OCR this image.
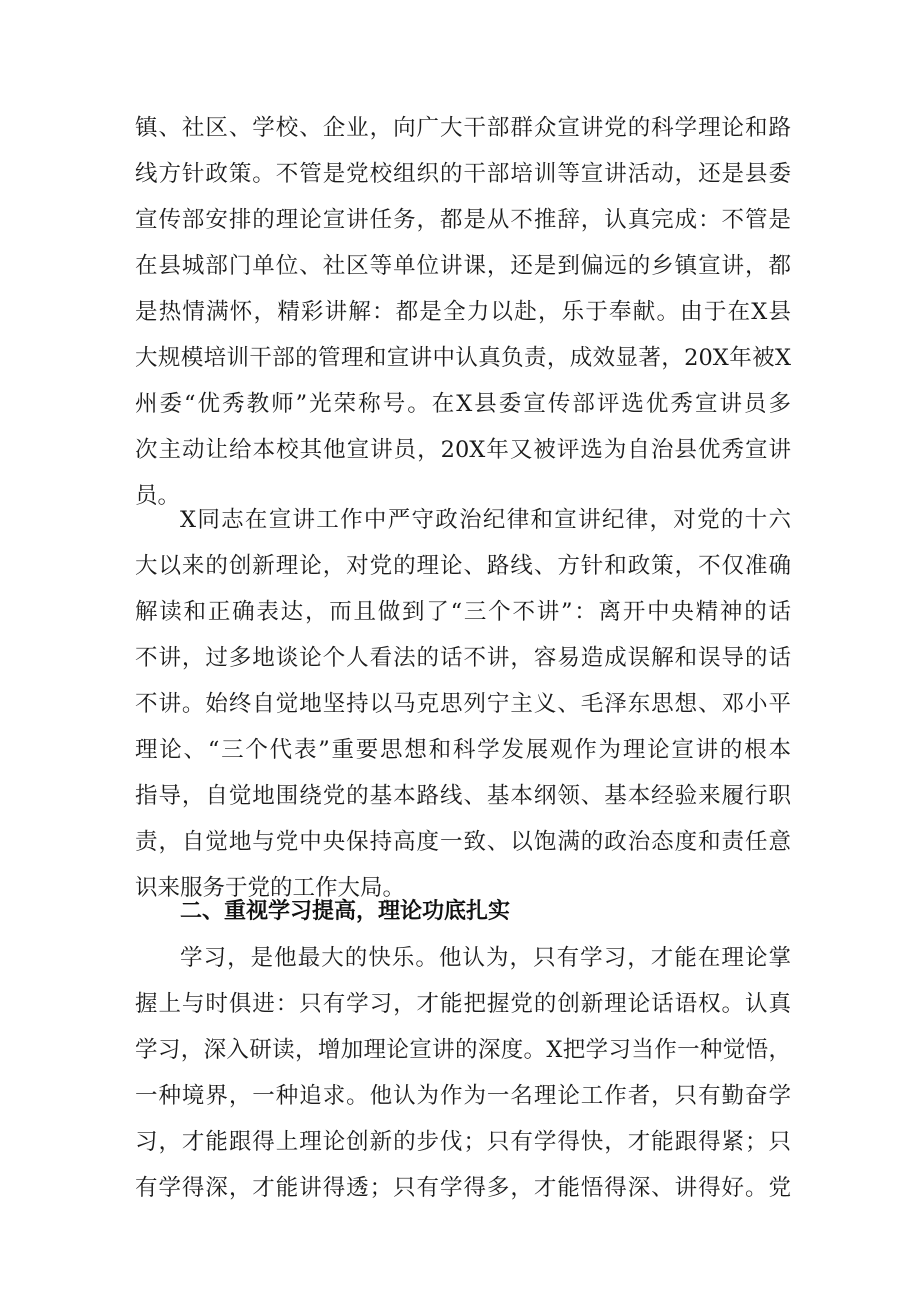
镇、社区、学校、企业，向广大干部群众宣讲党的科学理论和路
线方针政策。不管是党校组织的干部培训等宣讲活动，还是县委
宣传部安排的理论宣讲任务，都是从不推辞，认真完成：不管是
在县城部门单位、社区等单位讲课，还是到偏远的乡镇宣讲，都
是热情满怀，精彩讲解：都是全力以赴，乐于奉献。由于在X县
大规模培训干部的管理和宣讲中认真负责，成效显著，20X年被X
州委“优秀教师”光荣称号。在X县委宣传部评选优秀宣讲员多
次主动让给本校其他宣讲员，20X年又被评选为自治县优秀宣讲
员。
X同志在宣讲工作中严守政治纪律和宣讲纪律，对党的十六
大以来的创新理论，对党的理论、路线、方针和政策，不仅准确
解读和正确表达，而且做到了“三个不讲”：离开中央精神的话
不讲，过多地谈论个人看法的话不讲，容易造成误解和误导的话
不讲。始终自觉地坚持以马克思列宁主义、毛泽东思想、邓小平
理论、“三个代表”重要思想和科学发展观作为理论宣讲的根本
指导，自觉地围绕党的基本路线、基本纲领、基本经验来履行职
责，自觉地与党中央保持高度一致、以饱满的政治态度和责任意
识来服务于党的工作大局。
二、重视学习提高，理论功底扎实
学习，是他最大的快乐。他认为，只有学习，才能在理论掌
握上与时俱进：只有学习，才能把握党的创新理论话语权。认真
学习，深入研读，增加理论宣讲的深度。X把学习当作一种觉悟，
一种境界，一种追求。他认为作为一名理论工作者，只有勤奋学
习，才能跟得上理论创新的步伐；只有学得快，才能跟得紧；只
有学得深，才能讲得透；只有学得多，才能悟得深、讲得好。党
